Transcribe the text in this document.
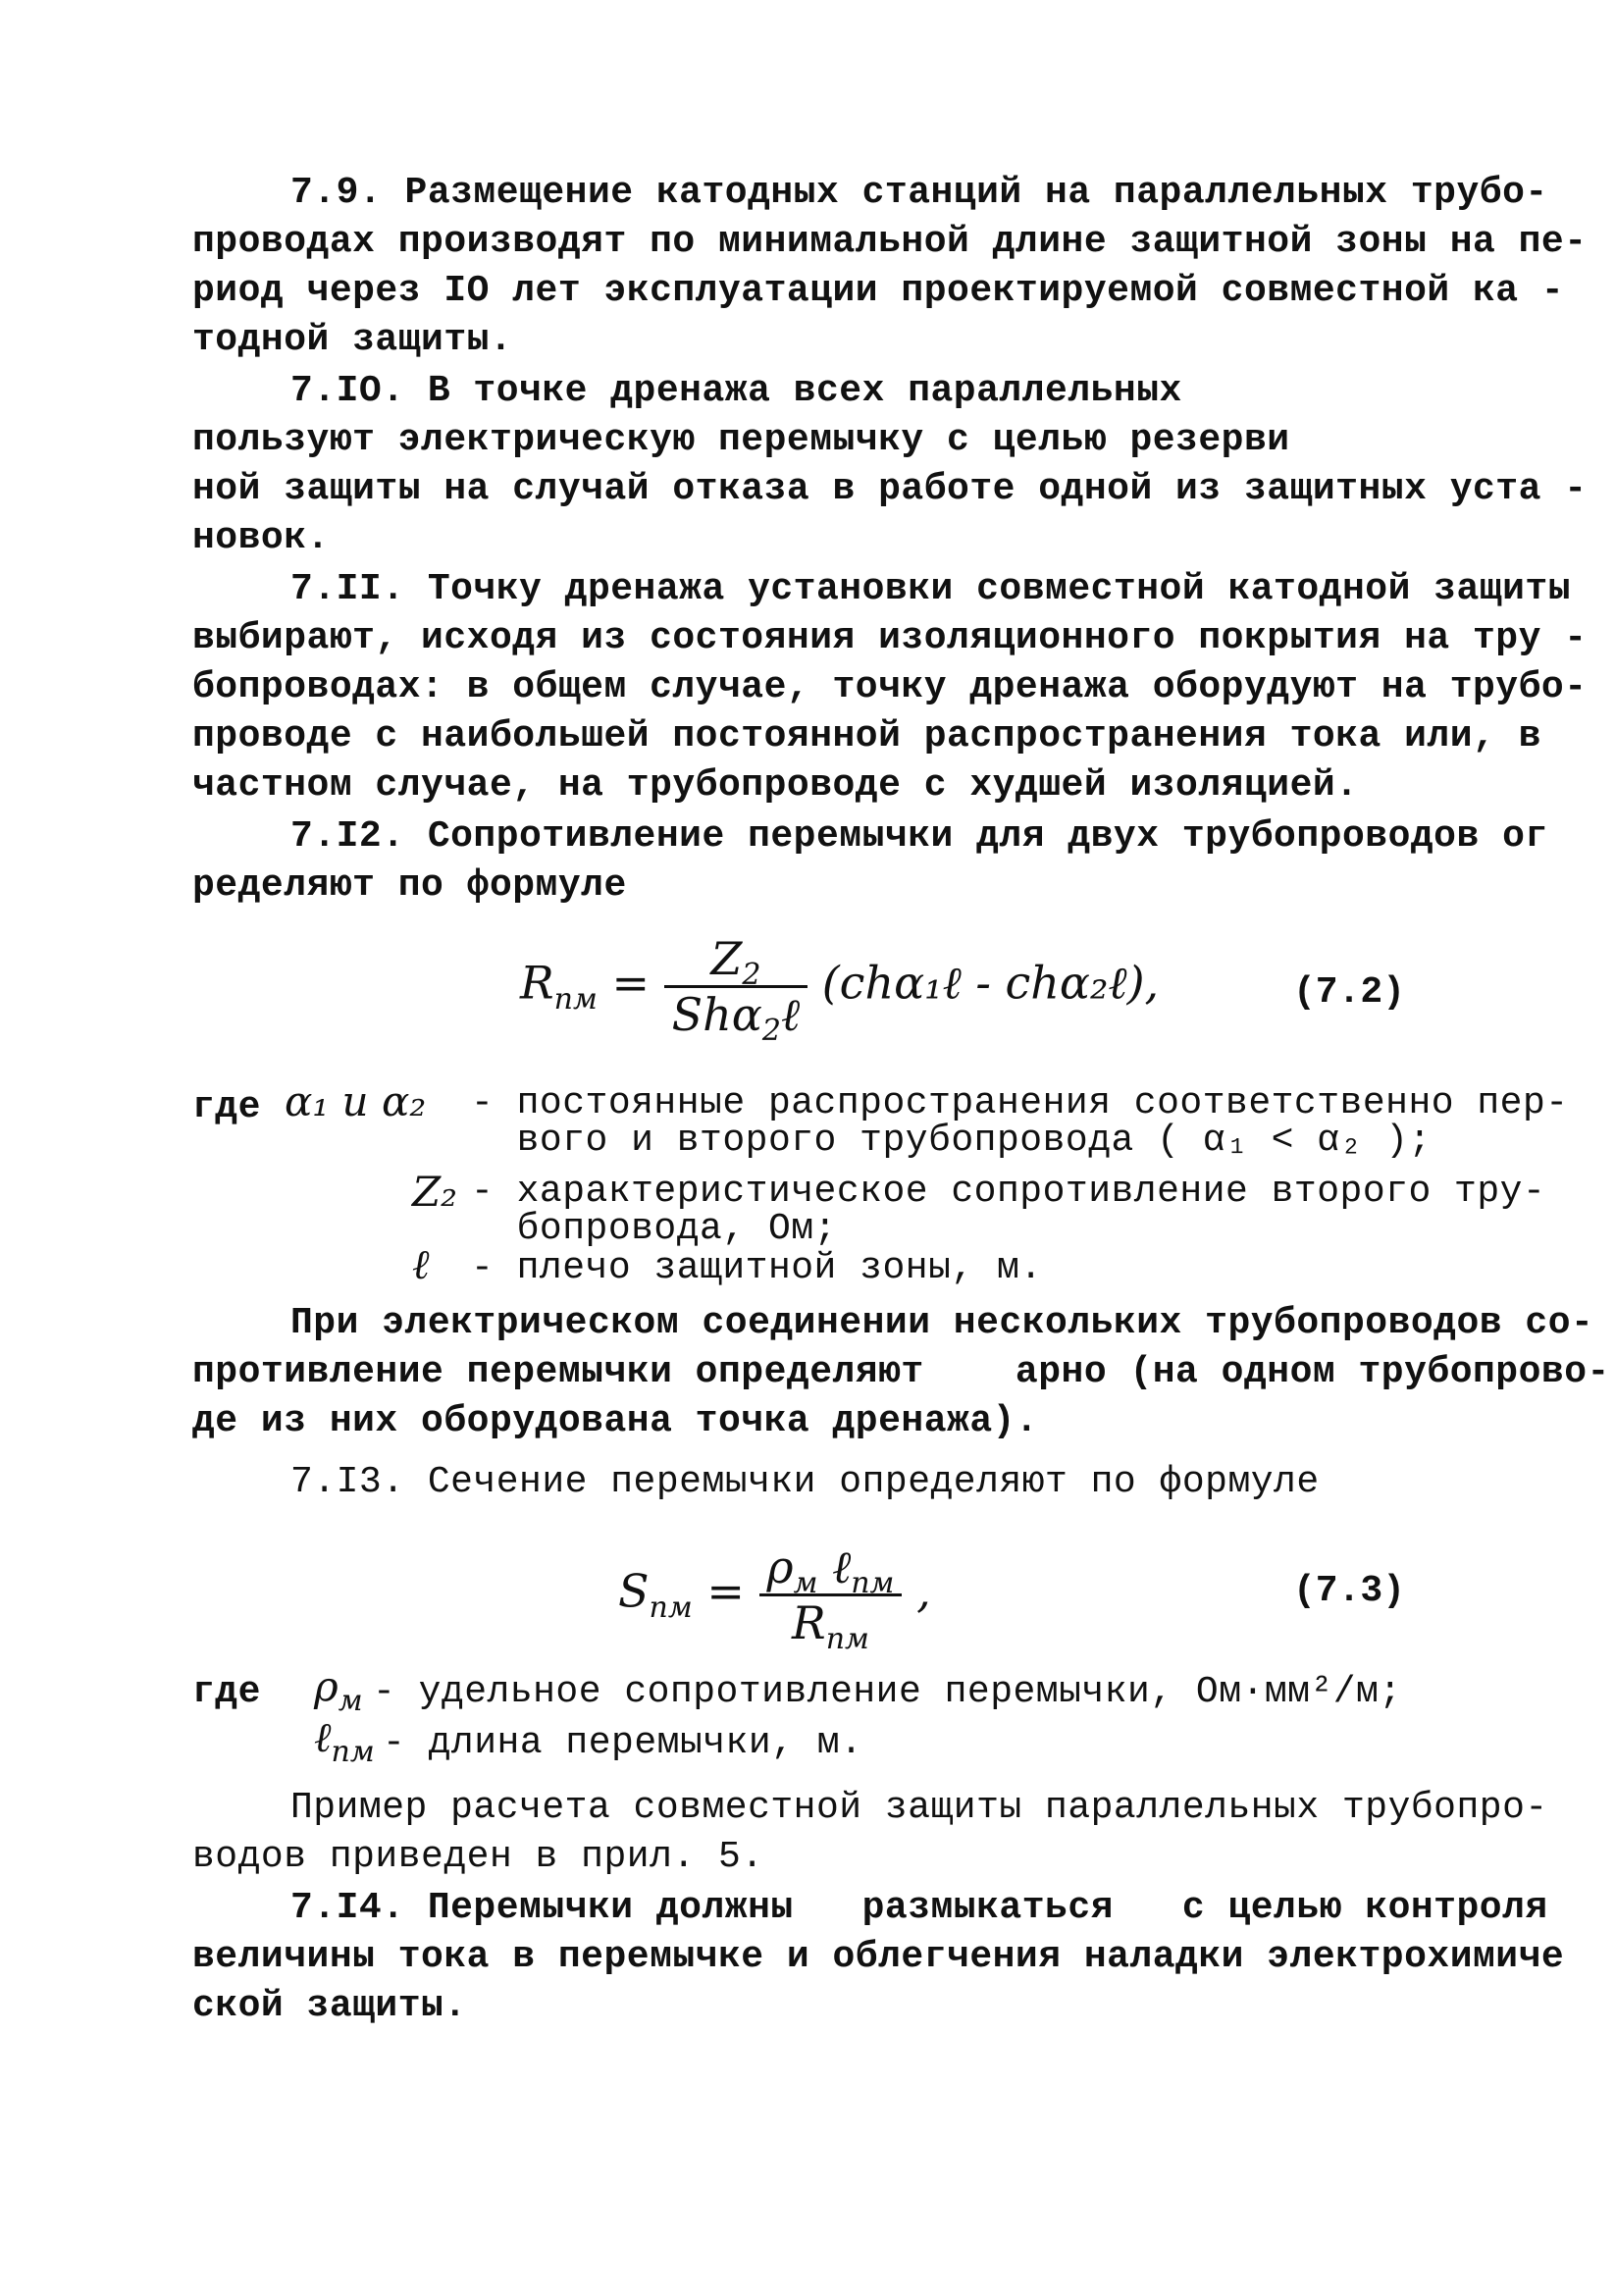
7.9. Размещение катодных станций на параллельных трубо-
проводах производят по минимальной длине защитной зоны на пе-
риод через IO лет эксплуатации проектируемой совместной ка -
тодной защиты.
7.IO. В точке дренажа всех параллельных
пользуют электрическую перемычку с целью резерви
ной защиты на случай отказа в работе одной из защитных уста -
новок.
7.II. Точку дренажа установки совместной катодной защиты
выбирают, исходя из состояния изоляционного покрытия на тру -
бопроводах: в общем случае, точку дренажа оборудуют на трубо-
проводе с наибольшей постоянной распространения тока или, в
частном случае, на трубопроводе с худшей изоляцией.
7.I2. Сопротивление перемычки для двух трубопроводов ог
ределяют по формуле
$R_{пм} = \frac{Z_2}{Sh\alpha_2\ell}$ (chα₁ℓ - chα₂ℓ),	(7.2)
где α₁ и α₂ - постоянные распространения соответственно пер-
вого и второго трубопровода ( α₁ < α₂ );
Z₂ - характеристическое сопротивление второго тру-
бопровода, Ом;
ℓ - плечо защитной зоны, м.
При электрическом соединении нескольких трубопроводов со-
противление перемычки определяют    арно (на одном трубопрово-
де из них оборудована точка дренажа).
7.I3. Сечение перемычки определяют по формуле
$S_{пм} = \frac{\rho_м \ell_{пм}}{R_{пм}}$ ,	(7.3)
где $\rho_м$ - удельное сопротивление перемычки, Ом·мм²/м;
ℓ$_{пм}$ - длина перемычки, м.
Пример расчета совместной защиты параллельных трубопро-
водов приведен в прил. 5.
7.I4. Перемычки должны   размыкаться   с целью контроля
величины тока в перемычке и облегчения наладки электрохимиче
ской защиты.
